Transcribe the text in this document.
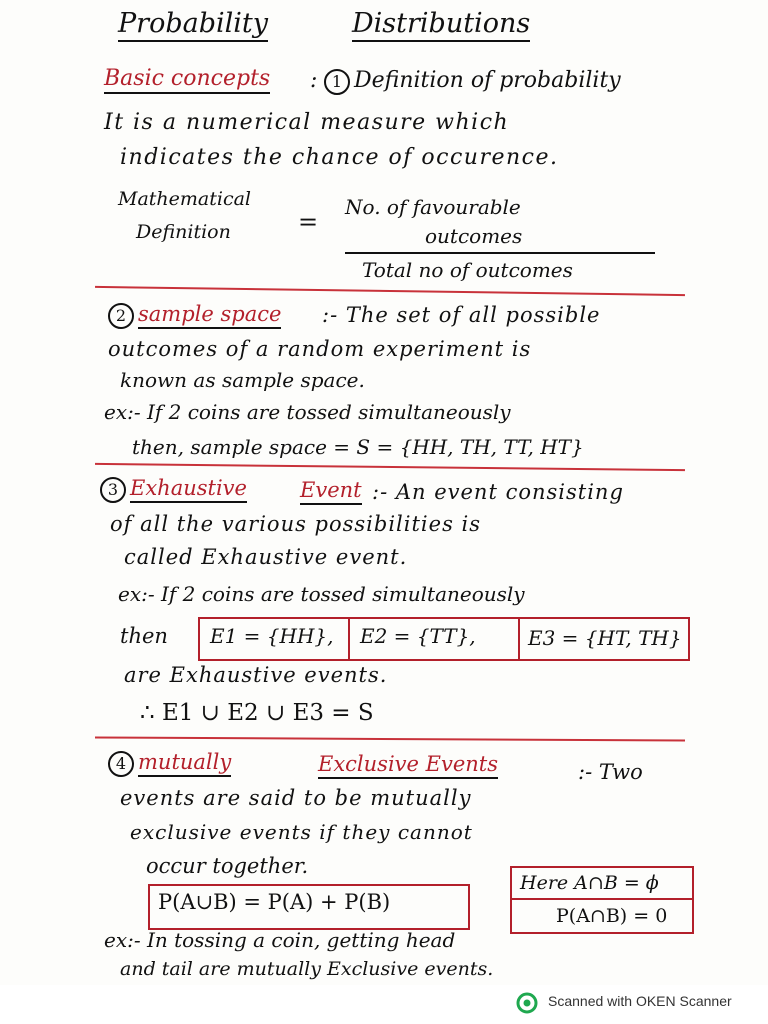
Probability	Distributions
Basic concepts : 1 Definition of probability
It is a numerical measure which
indicates the chance of occurence.
Mathematical
Definition	=
No. of favourable
outcomes
Total no of outcomes
2 sample space :- The set of all possible
outcomes of a random experiment is
known as sample space.
ex:- If 2 coins are tossed simultaneously
then, sample space = S = {HH, TH, TT, HT}
3 Exhaustive	Event :- An event consisting
of all the various possibilities is
called Exhaustive event.
ex:- If 2 coins are tossed simultaneously
then E1 = {HH}, E2 = {TT},	E3 = {HT, TH}
are Exhaustive events.
∴ E1 ∪ E2 ∪ E3 = S
4 mutually	Exclusive Events	:- Two
events are said to be mutually
exclusive events if they cannot
occur together.
P(A∪B) = P(A) + P(B)
Here A∩B = ϕ
P(A∩B) = 0
ex:- In tossing a coin, getting head
and tail are mutually Exclusive events.
Scanned with OKEN Scanner
